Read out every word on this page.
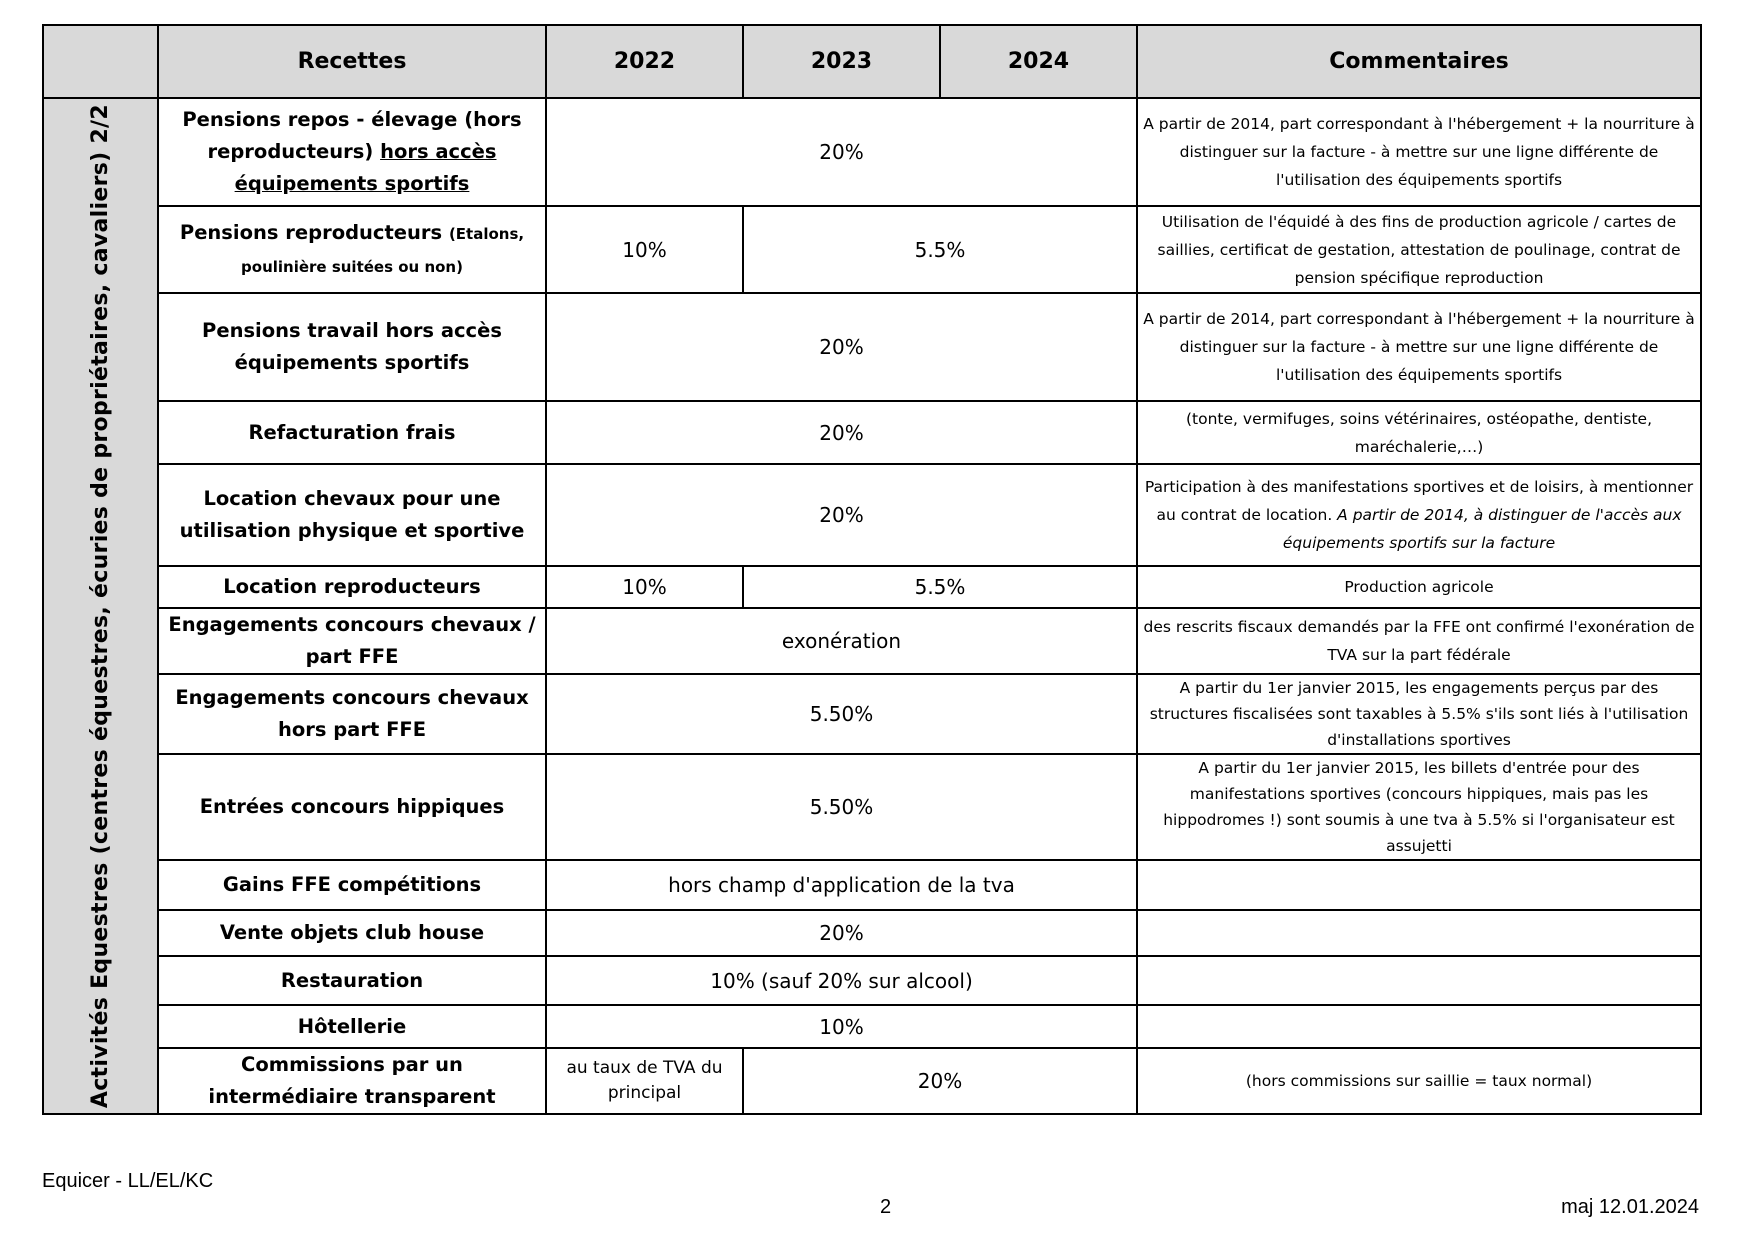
	Recettes	2022	2023	2024	Commentaires

Activités Equestres (centres équestres, écuries de propriétaires, cavaliers) 2/2	Pensions repos - élevage (hors reproducteurs) hors accès équipements sportifs	20%			A partir de 2014, part correspondant à l'hébergement + la nourriture à distinguer sur la facture - à mettre sur une ligne différente de l'utilisation des équipements sportifs
	Pensions reproducteurs (Etalons, poulinière suitées ou non)	10%	5.5%		Utilisation de l'équidé à des fins de production agricole / cartes de saillies, certificat de gestation, attestation de poulinage, contrat de pension spécifique reproduction
	Pensions travail hors accès équipements sportifs	20%			A partir de 2014, part correspondant à l'hébergement + la nourriture à distinguer sur la facture - à mettre sur une ligne différente de l'utilisation des équipements sportifs
	Refacturation frais	20%			(tonte, vermifuges, soins vétérinaires, ostéopathe, dentiste, maréchalerie,…)
	Location chevaux pour une utilisation physique et sportive	20%			Participation à des manifestations sportives et de loisirs, à mentionner au contrat de location. A partir de 2014, à distinguer de l'accès aux équipements sportifs sur la facture
	Location reproducteurs	10%	5.5%		Production agricole
	Engagements concours chevaux / part FFE	exonération			des rescrits fiscaux demandés par la FFE ont confirmé l'exonération de TVA sur la part fédérale
	Engagements concours chevaux hors part FFE	5.50%			A partir du 1er janvier 2015, les engagements perçus par des structures fiscalisées sont taxables à 5.5% s'ils sont liés à l'utilisation d'installations sportives
	Entrées concours hippiques	5.50%			A partir du 1er janvier 2015, les billets d'entrée pour des manifestations sportives (concours hippiques, mais pas les hippodromes !) sont soumis à une tva à 5.5% si l'organisateur est assujetti
	Gains FFE compétitions	hors champ d'application de la tva			
	Vente objets club house	20%			
	Restauration	10% (sauf 20% sur alcool)			
	Hôtellerie	10%			
	Commissions par un intermédiaire transparent	au taux de TVA du principal	20%		(hors commissions sur saillie = taux normal)
Equicer - LL/EL/KC
2	maj 12.01.2024
